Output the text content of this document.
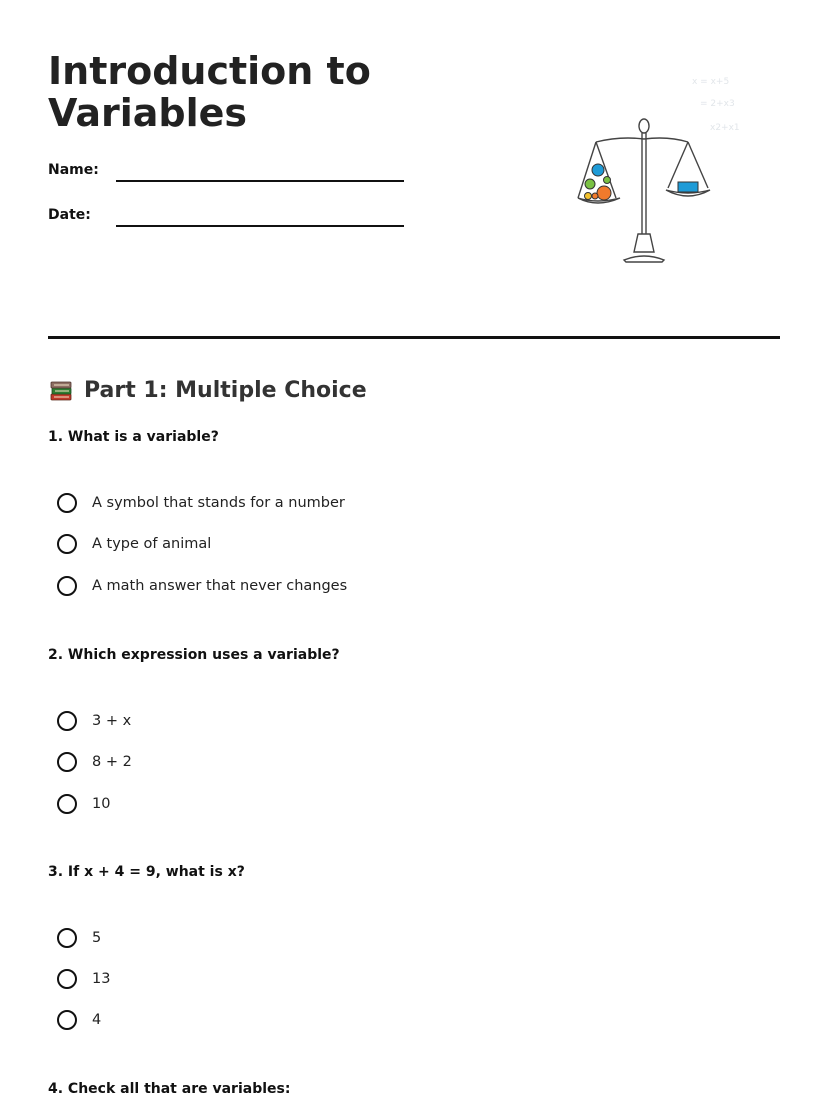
Introduction to
Variables
Name:
Date:
x = x+5
= 2+x3
x2+x1
Part 1: Multiple Choice
1. What is a variable?
A symbol that stands for a number
A type of animal
A math answer that never changes
2. Which expression uses a variable?
3 + x
8 + 2
10
3. If x + 4 = 9, what is x?
5
13
4
4. Check all that are variables:
